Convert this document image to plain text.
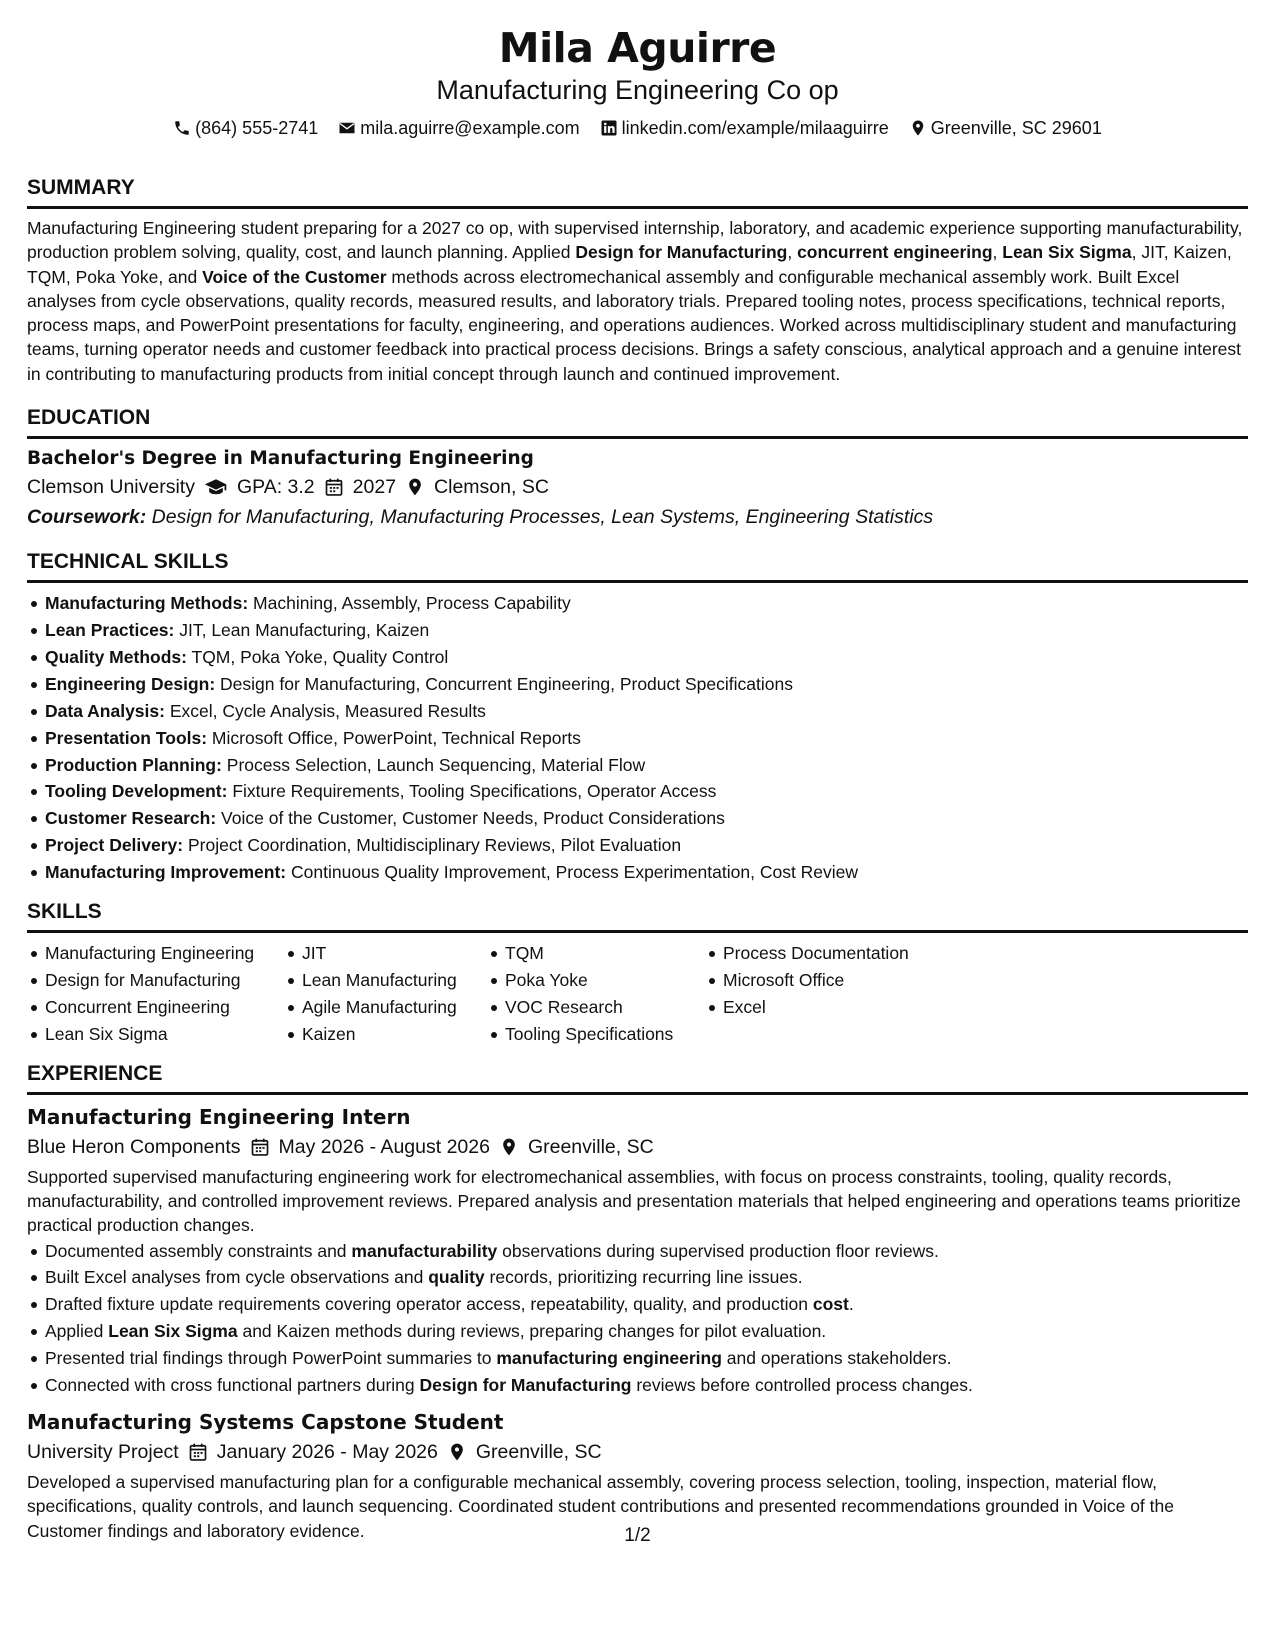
Mila Aguirre
Manufacturing Engineering Co op
(864) 555-2741 mila.aguirre@example.com linkedin.com/example/milaaguirre Greenville, SC 29601
SUMMARY
Manufacturing Engineering student preparing for a 2027 co op, with supervised internship, laboratory, and academic experience supporting manufacturability, production problem solving, quality, cost, and launch planning. Applied Design for Manufacturing, concurrent engineering, Lean Six Sigma, JIT, Kaizen, TQM, Poka Yoke, and Voice of the Customer methods across electromechanical assembly and configurable mechanical assembly work. Built Excel analyses from cycle observations, quality records, measured results, and laboratory trials. Prepared tooling notes, process specifications, technical reports, process maps, and PowerPoint presentations for faculty, engineering, and operations audiences. Worked across multidisciplinary student and manufacturing teams, turning operator needs and customer feedback into practical process decisions. Brings a safety conscious, analytical approach and a genuine interest in contributing to manufacturing products from initial concept through launch and continued improvement.
EDUCATION
Bachelor's Degree in Manufacturing Engineering
Clemson University GPA: 3.2 2027 Clemson, SC
Coursework: Design for Manufacturing, Manufacturing Processes, Lean Systems, Engineering Statistics
TECHNICAL SKILLS
Manufacturing Methods: Machining, Assembly, Process Capability
Lean Practices: JIT, Lean Manufacturing, Kaizen
Quality Methods: TQM, Poka Yoke, Quality Control
Engineering Design: Design for Manufacturing, Concurrent Engineering, Product Specifications
Data Analysis: Excel, Cycle Analysis, Measured Results
Presentation Tools: Microsoft Office, PowerPoint, Technical Reports
Production Planning: Process Selection, Launch Sequencing, Material Flow
Tooling Development: Fixture Requirements, Tooling Specifications, Operator Access
Customer Research: Voice of the Customer, Customer Needs, Product Considerations
Project Delivery: Project Coordination, Multidisciplinary Reviews, Pilot Evaluation
Manufacturing Improvement: Continuous Quality Improvement, Process Experimentation, Cost Review
SKILLS
Manufacturing Engineering
Design for Manufacturing
Concurrent Engineering
Lean Six Sigma
JIT
Lean Manufacturing
Agile Manufacturing
Kaizen
TQM
Poka Yoke
VOC Research
Tooling Specifications
Process Documentation
Microsoft Office
Excel
EXPERIENCE
Manufacturing Engineering Intern
Blue Heron Components May 2026 - August 2026 Greenville, SC
Supported supervised manufacturing engineering work for electromechanical assemblies, with focus on process constraints, tooling, quality records, manufacturability, and controlled improvement reviews. Prepared analysis and presentation materials that helped engineering and operations teams prioritize practical production changes.
Documented assembly constraints and manufacturability observations during supervised production floor reviews.
Built Excel analyses from cycle observations and quality records, prioritizing recurring line issues.
Drafted fixture update requirements covering operator access, repeatability, quality, and production cost.
Applied Lean Six Sigma and Kaizen methods during reviews, preparing changes for pilot evaluation.
Presented trial findings through PowerPoint summaries to manufacturing engineering and operations stakeholders.
Connected with cross functional partners during Design for Manufacturing reviews before controlled process changes.
Manufacturing Systems Capstone Student
University Project January 2026 - May 2026 Greenville, SC
Developed a supervised manufacturing plan for a configurable mechanical assembly, covering process selection, tooling, inspection, material flow, specifications, quality controls, and launch sequencing. Coordinated student contributions and presented recommendations grounded in Voice of the Customer findings and laboratory evidence.	1/2
